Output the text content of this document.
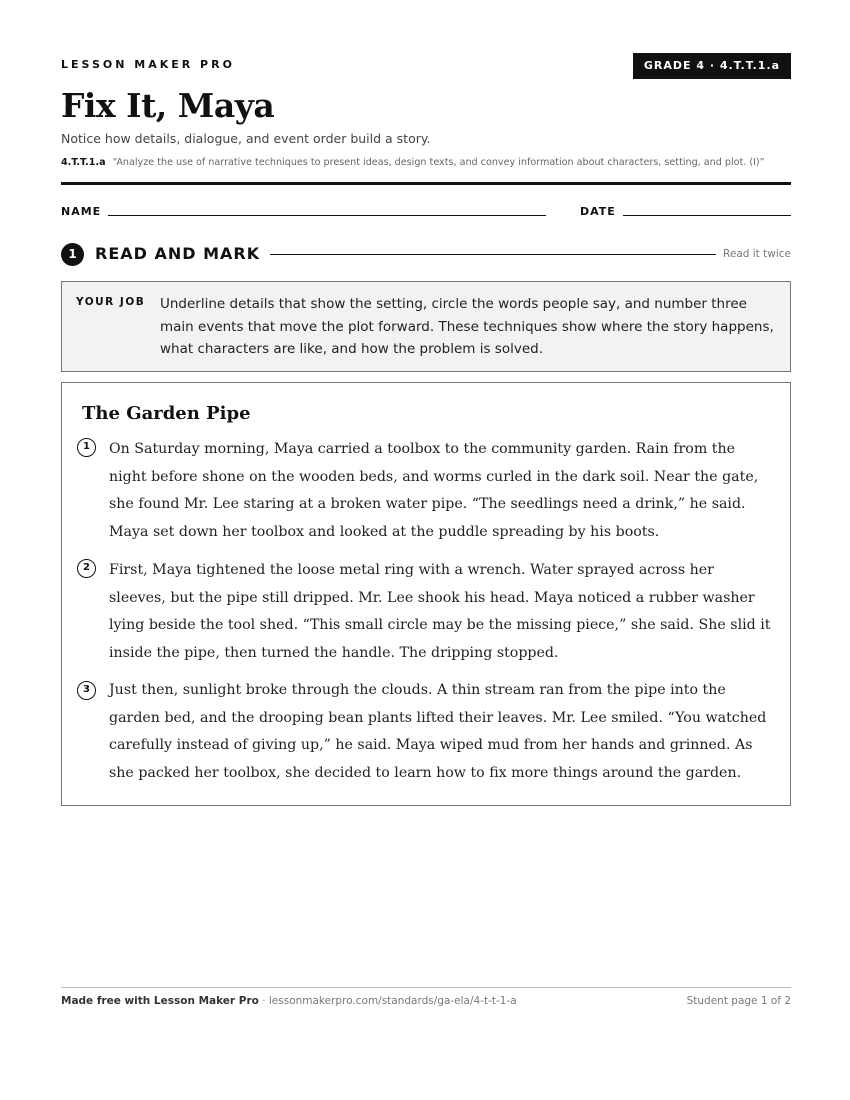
LESSON MAKER PRO	GRADE 4 · 4.T.T.1.a
Fix It, Maya
Notice how details, dialogue, and event order build a story.
4.T.T.1.a “Analyze the use of narrative techniques to present ideas, design texts, and convey information about characters, setting, and plot. (I)”
NAME	DATE
1	READ AND MARK	Read it twice
YOUR JOB Underline details that show the setting, circle the words people say, and number three main events that move the plot forward. These techniques show where the story happens, what characters are like, and how the problem is solved.
The Garden Pipe
1	On Saturday morning, Maya carried a toolbox to the community garden. Rain from the night before shone on the wooden beds, and worms curled in the dark soil. Near the gate, she found Mr. Lee staring at a broken water pipe. “The seedlings need a drink,” he said. Maya set down her toolbox and looked at the puddle spreading by his boots.
2	First, Maya tightened the loose metal ring with a wrench. Water sprayed across her sleeves, but the pipe still dripped. Mr. Lee shook his head. Maya noticed a rubber washer lying beside the tool shed. “This small circle may be the missing piece,” she said. She slid it inside the pipe, then turned the handle. The dripping stopped.
3	Just then, sunlight broke through the clouds. A thin stream ran from the pipe into the garden bed, and the drooping bean plants lifted their leaves. Mr. Lee smiled. “You watched carefully instead of giving up,” he said. Maya wiped mud from her hands and grinned. As she packed her toolbox, she decided to learn how to fix more things around the garden.
Made free with Lesson Maker Pro · lessonmakerpro.com/standards/ga-ela/4-t-t-1-a	Student page 1 of 2
